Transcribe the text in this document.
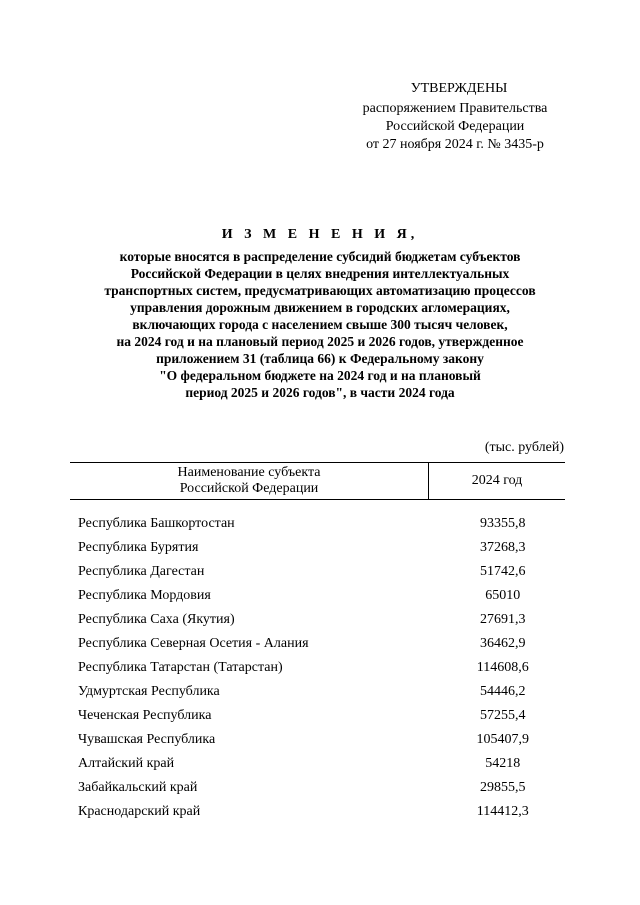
УТВЕРЖДЕНЫ
распоряжением Правительства
Российской Федерации
от 27 ноября 2024 г. № 3435-р
И З М Е Н Е Н И Я,
которые вносятся в распределение субсидий бюджетам субъектов
Российской Федерации в целях внедрения интеллектуальных
транспортных систем, предусматривающих автоматизацию процессов
управления дорожным движением в городских агломерациях,
включающих города с населением свыше 300 тысяч человек,
на 2024 год и на плановый период 2025 и 2026 годов, утвержденное
приложением 31 (таблица 66) к Федеральному закону
"О федеральном бюджете на 2024 год и на плановый
период 2025 и 2026 годов", в части 2024 года
(тыс. рублей)
Наименование субъекта
Российской Федерации	2024 год

Республика Башкортостан	93355,8
Республика Бурятия	37268,3
Республика Дагестан	51742,6
Республика Мордовия	65010
Республика Саха (Якутия)	27691,3
Республика Северная Осетия - Алания	36462,9
Республика Татарстан (Татарстан)	114608,6
Удмуртская Республика	54446,2
Чеченская Республика	57255,4
Чувашская Республика	105407,9
Алтайский край	54218
Забайкальский край	29855,5
Краснодарский край	114412,3
